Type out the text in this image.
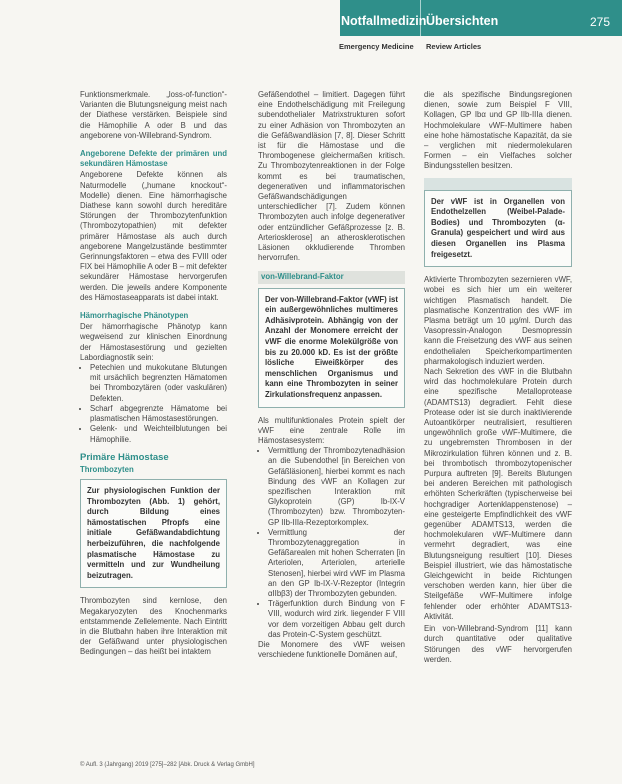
Notfallmedizin Übersichten	275
Emergency Medicine Review Articles

Funktionsmerkmale. „loss-of-function“-Varianten die Blutungsneigung meist nach der Diathese verstärken. Beispiele sind die Hämophilie A oder B und das angeborene von-Willebrand-Syndrom.

Angeborene Defekte der primären und sekundären Hämostase

Angeborene Defekte können als Naturmodelle („humane knockout“-Modelle) dienen. Eine hämorrhagische Diathese kann sowohl durch hereditäre Störungen der Thrombozytenfunktion (Thrombozytopathien) mit defekter primärer Hämostase als auch durch angeborene Mangelzustände bestimmter Gerinnungsfaktoren – etwa des FVIII oder FIX bei Hämophilie A oder B – mit defekter sekundärer Hämostase hervorgerufen werden. Die jeweils andere Komponente des Hämostaseapparats ist dabei intakt.

Hämorrhagische Phänotypen

Der hämorrhagische Phänotyp kann wegweisend zur klinischen Einordnung der Hämostasestörung und gezielten Labordiagnostik sein:

• Petechien und mukokutane Blutungen mit ursächlich begrenzten Hämatomen bei Thrombozytären (oder vaskulären) Defekten.
• Scharf abgegrenzte Hämatome bei plasmatischen Hämostasestörungen.
• Gelenk- und Weichteilblutungen bei Hämophilie.
Primäre Hämostase
Thrombozyten
Zur physiologischen Funktion der Thrombozyten (Abb. 1) gehört, durch Bildung eines hämostatischen Pfropfs eine initiale Gefäßwandabdichtung herbeizuführen, die nachfolgende plasmatische Hämostase zu vermitteln und zur Wundheilung beizutragen.

Thrombozyten sind kernlose, den Megakaryozyten des Knochenmarks entstammende Zellelemente. Nach Eintritt in die Blutbahn haben ihre Interaktion mit der Gefäßwand unter physiologischen Bedingungen – das heißt bei intaktem

Gefäßendothel – limitiert. Dagegen führt eine Endothelschädigung mit Freilegung subendothelialer Matrixstrukturen sofort zu einer Adhäsion von Thrombozyten an die Gefäßwandläsion [7, 8]. Dieser Schritt ist für die Hämostase und die Thrombogenese gleichermaßen kritisch. Zu Thrombozytenreaktionen in der Folge kommt es bei traumatischen, degenerativen und inflammatorischen Gefäßwandschädigungen unterschiedlicher [7]. Zudem können Thrombozyten auch infolge degenerativer oder entzündlicher Gefäßprozesse [z. B. Arteriosklerose] an atherosklerotischen Läsionen okkludierende Thromben hervorrufen.

von-Willebrand-Faktor
Der von-Willebrand-Faktor (vWF) ist ein außergewöhnliches multimeres Adhäsivprotein. Abhängig von der Anzahl der Monomere erreicht der vWF die enorme Molekülgröße von bis zu 20.000 kD. Es ist der größte lösliche Eiweißkörper des menschlichen Organismus und kann eine Thrombozyten in seiner Zirkulationsfrequenz anpassen.

Als multifunktionales Protein spielt der vWF eine zentrale Rolle im Hämostasesystem:

• Vermittlung der Thrombozytenadhäsion an die Subendothel [in Bereichen von Gefäßläsionen], hierbei kommt es nach Bindung des vWF an Kollagen zur spezifischen Interaktion mit Glykoprotein (GP) Ib-IX-V (Thrombozyten) bzw. Thrombozyten-GP IIb-IIIa-Rezeptorkomplex.
• Vermittlung der Thrombozytenaggregation in Gefäßarealen mit hohen Scherraten [in Arteriolen, Arteriolen, arterielle Stenosen], hierbei wird vWF im Plasma an den GP Ib-IX-V-Rezeptor (Integrin αIIbβ3) der Thrombozyten gebunden.
• Trägerfunktion durch Bindung von F VIII, wodurch wird zirk. liegender F VIII vor dem vorzeitigen Abbau gelt durch das Protein-C-System geschützt.

Die Monomere des vWF weisen verschiedene funktionelle Domänen auf,

die als spezifische Bindungsregionen dienen, sowie zum Beispiel F VIII, Kollagen, GP Ibα und GP IIb-IIIa dienen. Hochmolekulare vWF-Multimere haben eine hohe hämostatische Kapazität, da sie – verglichen mit niedermolekularen Formen – ein Vielfaches solcher Bindungsstellen besitzen.

Der vWF ist in Organellen von Endothelzellen (Weibel-Palade-Bodies) und Thrombozyten (α-Granula) gespeichert und wird aus diesen Organellen ins Plasma freigesetzt.

Aktivierte Thrombozyten sezernieren vWF, wobei es sich hier um ein weiterer wichtigen Plasmatisch handelt. Die plasmatische Konzentration des vWF im Plasma beträgt um 10 µg/ml. Durch das Vasopressin-Analogon Desmopressin kann die Freisetzung des vWF aus seinen endothelialen Speicherkompartimenten pharmakologisch induziert werden.

Nach Sekretion des vWF in die Blutbahn wird das hochmolekulare Protein durch eine spezifische Metalloprotease (ADAMTS13) degradiert. Fehlt diese Protease oder ist sie durch inaktivierende Autoantikörper neutralisiert, resultieren ungewöhnlich große vWF-Multimere, die zu ungebremsten Thrombosen in der Mikrozirkulation führen können und z. B. bei thrombotisch thrombozytopenischer Purpura auftreten [9]. Bereits Blutungen bei anderen Bereichen mit pathologisch erhöhten Scherkräften (typischerweise bei hochgradiger Aortenklappenstenose) – eine gesteigerte Empfindlichkeit des vWF gegenüber ADAMTS13, werden die hochmolekularen vWF-Multimere dann vermehrt degradiert, was eine Blutungsneigung resultiert [10]. Dieses Beispiel illustriert, wie das hämostatische Gleichgewicht in beide Richtungen verschoben werden kann, hier über die Steilgefäße vWF-Multimere infolge fehlender oder erhöhter ADAMTS13-Aktivität.

Ein von-Willebrand-Syndrom [11] kann durch quantitative oder qualitative Störungen des vWF hervorgerufen werden.

© Aufl. 3 (Jahrgang) 2019 [275]–282 [Abk. Druck & Verlag GmbH]
